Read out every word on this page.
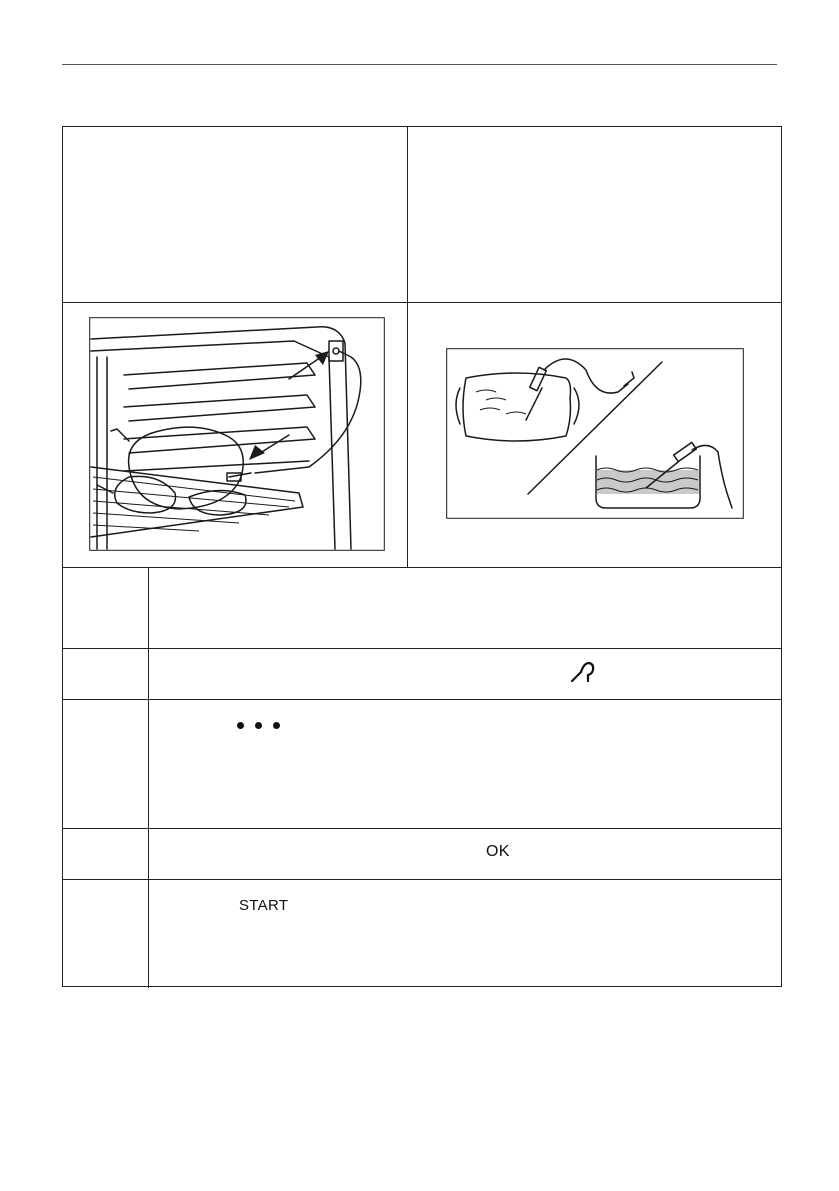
OK
START
